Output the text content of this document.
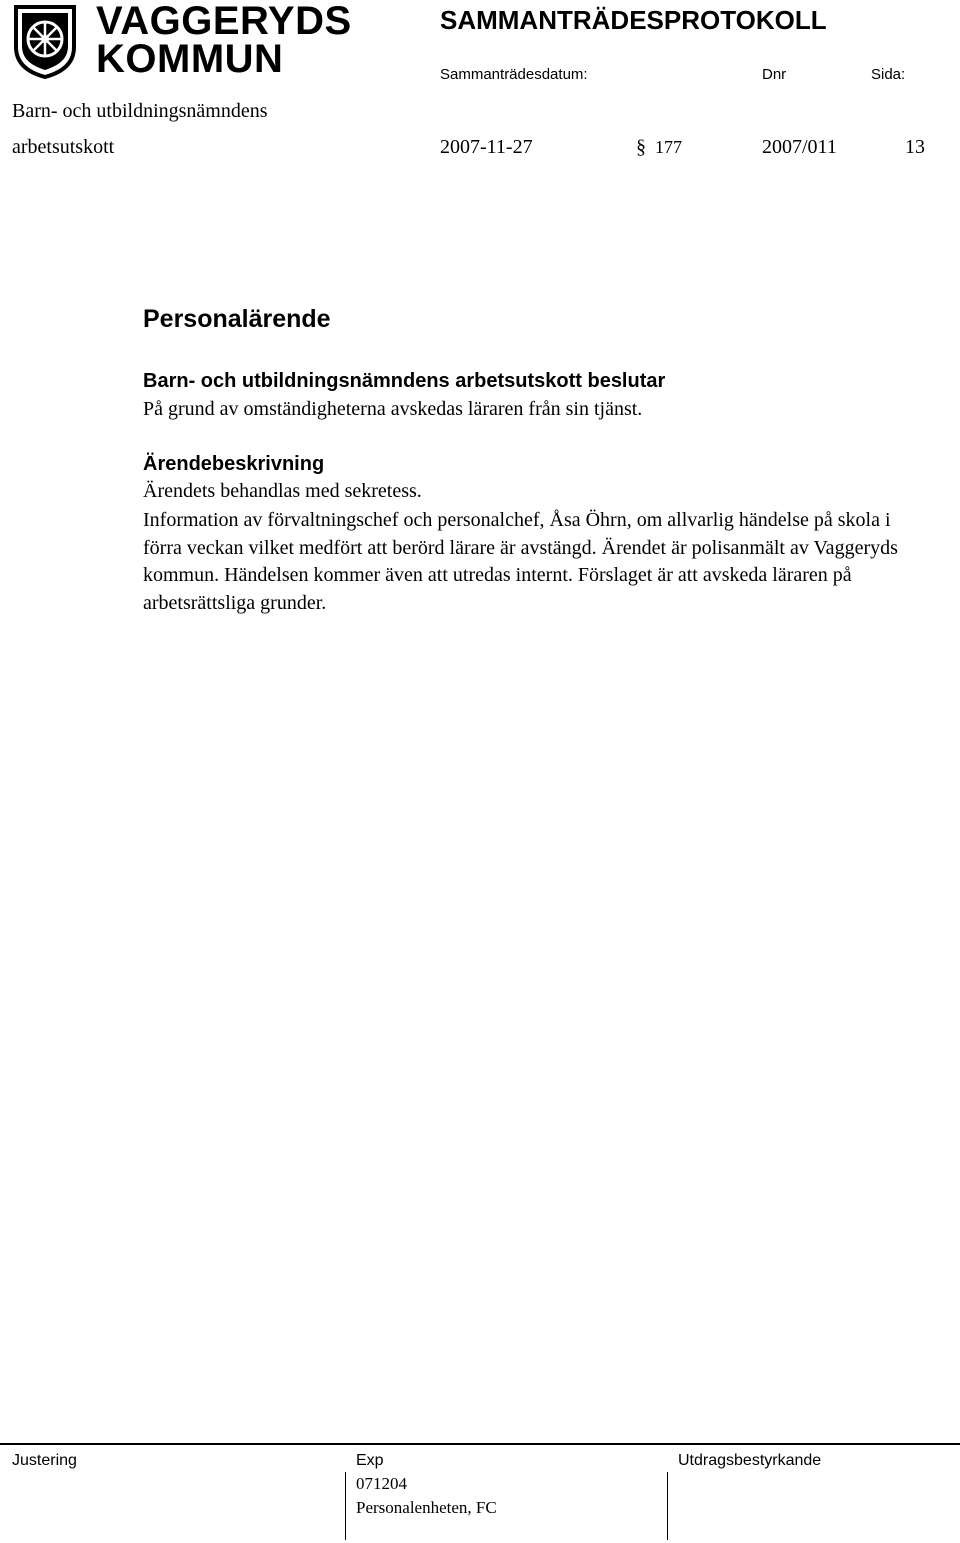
VAGGERYDS
KOMMUN
SAMMANTRÄDESPROTOKOLL
Sammanträdesdatum:	Dnr	Sida:
Barn- och utbildningsnämndens
arbetsutskott	2007-11-27	§ 177	2007/011	13
Personalärende
Barn- och utbildningsnämndens arbetsutskott beslutar
På grund av omständigheterna avskedas läraren från sin tjänst.
Ärendebeskrivning
Ärendets behandlas med sekretess.
Information av förvaltningschef och personalchef, Åsa Öhrn, om allvarlig händelse på skola i förra veckan vilket medfört att berörd lärare är avstängd. Ärendet är polisanmält av Vaggeryds kommun. Händelsen kommer även att utredas internt. Förslaget är att avskeda läraren på arbetsrättsliga grunder.
Justering	Exp	Utdragsbestyrkande
071204
Personalenheten, FC
